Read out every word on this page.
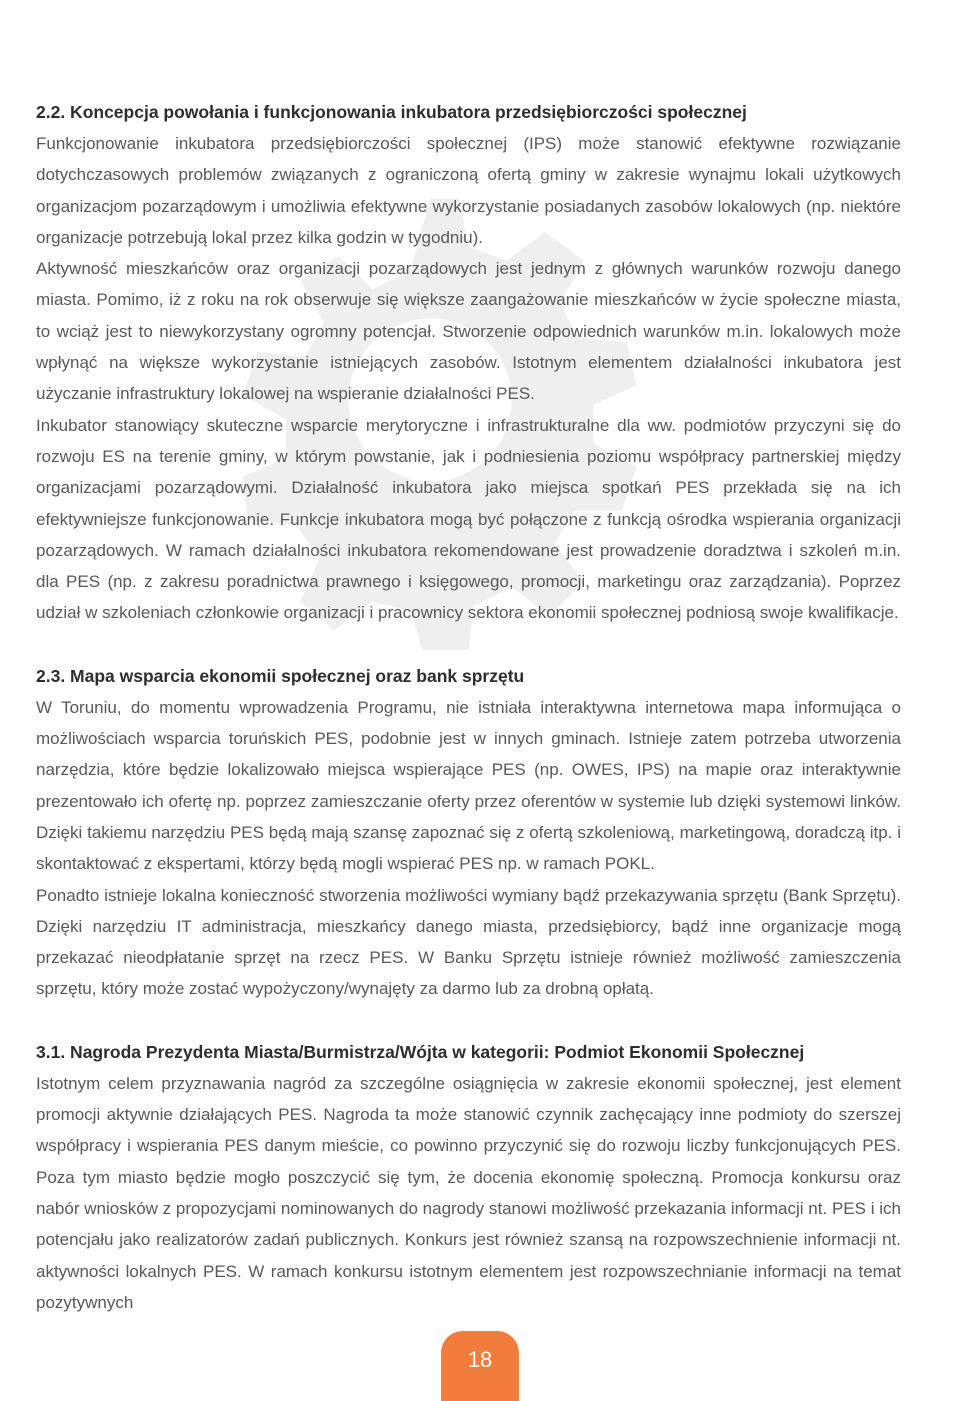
2.2. Koncepcja powołania i funkcjonowania inkubatora przedsiębiorczości społecznej

Funkcjonowanie inkubatora przedsiębiorczości społecznej (IPS) może stanowić efektywne rozwiązanie dotychczasowych problemów związanych z ograniczoną ofertą gminy w zakresie wynajmu lokali użytkowych organizacjom pozarządowym i umożliwia efektywne wykorzystanie posiadanych zasobów lokalowych (np. niektóre organizacje potrzebują lokal przez kilka godzin w tygodniu).

Aktywność mieszkańców oraz organizacji pozarządowych jest jednym z głównych warunków rozwoju danego miasta. Pomimo, iż z roku na rok obserwuje się większe zaangażowanie mieszkańców w życie społeczne miasta, to wciąż jest to niewykorzystany ogromny potencjał. Stworzenie odpowiednich warunków m.in. lokalowych może wpłynąć na większe wykorzystanie istniejących zasobów. Istotnym elementem działalności inkubatora jest użyczanie infrastruktury lokalowej na wspieranie działalności PES.

Inkubator stanowiący skuteczne wsparcie merytoryczne i infrastrukturalne dla ww. podmiotów przyczyni się do rozwoju ES na terenie gminy, w którym powstanie, jak i podniesienia poziomu współpracy partnerskiej między organizacjami pozarządowymi. Działalność inkubatora jako miejsca spotkań PES przekłada się na ich efektywniejsze funkcjonowanie. Funkcje inkubatora mogą być połączone z funkcją ośrodka wspierania organizacji pozarządowych. W ramach działalności inkubatora rekomendowane jest prowadzenie doradztwa i szkoleń m.in. dla PES (np. z zakresu poradnictwa prawnego i księgowego, promocji, marketingu oraz zarządzania). Poprzez udział w szkoleniach członkowie organizacji i pracownicy sektora ekonomii społecznej podniosą swoje kwalifikacje.

2.3. Mapa wsparcia ekonomii społecznej oraz bank sprzętu

W Toruniu, do momentu wprowadzenia Programu, nie istniała interaktywna internetowa mapa informująca o możliwościach wsparcia toruńskich PES, podobnie jest w innych gminach. Istnieje zatem potrzeba utworzenia narzędzia, które będzie lokalizowało miejsca wspierające PES (np. OWES, IPS) na mapie oraz interaktywnie prezentowało ich ofertę np. poprzez zamieszczanie oferty przez oferentów w systemie lub dzięki systemowi linków. Dzięki takiemu narzędziu PES będą mają szansę zapoznać się z ofertą szkoleniową, marketingową, doradczą itp. i skontaktować z ekspertami, którzy będą mogli wspierać PES np. w ramach POKL.

Ponadto istnieje lokalna konieczność stworzenia możliwości wymiany bądź przekazywania sprzętu (Bank Sprzętu). Dzięki narzędziu IT administracja, mieszkańcy danego miasta, przedsiębiorcy, bądź inne organizacje mogą przekazać nieodpłatanie sprzęt na rzecz PES. W Banku Sprzętu istnieje również możliwość zamieszczenia sprzętu, który może zostać wypożyczony/wynajęty za darmo lub za drobną opłatą.

3.1. Nagroda Prezydenta Miasta/Burmistrza/Wójta w kategorii: Podmiot Ekonomii Społecznej

Istotnym celem przyznawania nagród za szczególne osiągnięcia w zakresie ekonomii społecznej, jest element promocji aktywnie działających PES. Nagroda ta może stanowić czynnik zachęcający inne podmioty do szerszej współpracy i wspierania PES danym mieście, co powinno przyczynić się do rozwoju liczby funkcjonujących PES. Poza tym miasto będzie mogło poszczycić się tym, że docenia ekonomię społeczną. Promocja konkursu oraz nabór wniosków z propozycjami nominowanych do nagrody stanowi możliwość przekazania informacji nt. PES i ich potencjału jako realizatorów zadań publicznych. Konkurs jest również szansą na rozpowszechnienie informacji nt. aktywności lokalnych PES. W ramach konkursu istotnym elementem jest rozpowszechnianie informacji na temat pozytywnych

18
